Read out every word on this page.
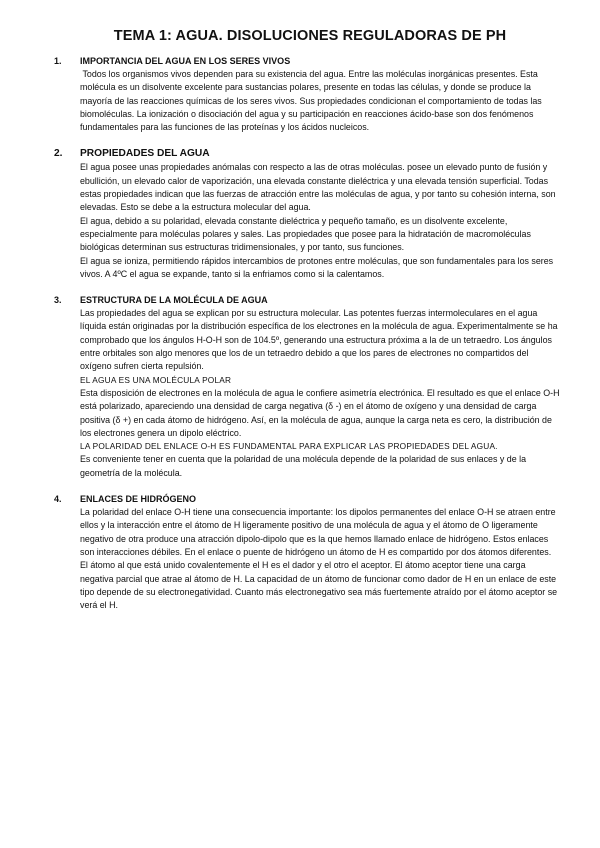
TEMA 1: AGUA. DISOLUCIONES REGULADORAS DE PH
1. IMPORTANCIA DEL AGUA EN LOS SERES VIVOS

Todos los organismos vivos dependen para su existencia del agua. Entre las moléculas inorgánicas presentes. Esta molécula es un disolvente excelente para sustancias polares, presente en todas las células, y donde se produce la mayoría de las reacciones químicas de los seres vivos. Sus propiedades condicionan el comportamiento de todas las biomoléculas. La ionización o disociación del agua y su participación en reacciones ácido-base son dos fenómenos fundamentales para las funciones de las proteínas y los ácidos nucleicos.

2. PROPIEDADES DEL AGUA

El agua posee unas propiedades anómalas con respecto a las de otras moléculas. posee un elevado punto de fusión y ebullición, un elevado calor de vaporización, una elevada constante dieléctrica y una elevada tensión superficial. Todas estas propiedades indican que las fuerzas de atracción entre las moléculas de agua, y por tanto su cohesión interna, son elevadas. Esto se debe a la estructura molecular del agua.

El agua, debido a su polaridad, elevada constante dieléctrica y pequeño tamaño, es un disolvente excelente, especialmente para moléculas polares y sales. Las propiedades que posee para la hidratación de macromoléculas biológicas determinan sus estructuras tridimensionales, y por tanto, sus funciones.

El agua se ioniza, permitiendo rápidos intercambios de protones entre moléculas, que son fundamentales para los seres vivos. A 4ºC el agua se expande, tanto si la enfriamos como si la calentamos.

3. ESTRUCTURA DE LA MOLÉCULA DE AGUA

Las propiedades del agua se explican por su estructura molecular. Las potentes fuerzas intermoleculares en el agua líquida están originadas por la distribución específica de los electrones en la molécula de agua. Experimentalmente se ha comprobado que los ángulos H-O-H son de 104.5º, generando una estructura próxima a la de un tetraedro. Los ángulos entre orbitales son algo menores que los de un tetraedro debido a que los pares de electrones no compartidos del oxígeno sufren cierta repulsión.

EL AGUA ES UNA MOLÉCULA POLAR

Esta disposición de electrones en la molécula de agua le confiere asimetría electrónica. El resultado es que el enlace O-H está polarizado, apareciendo una densidad de carga negativa (δ -) en el átomo de oxígeno y una densidad de carga positiva (δ +) en cada átomo de hidrógeno. Así, en la molécula de agua, aunque la carga neta es cero, la distribución de los electrones genera un dipolo eléctrico.

LA POLARIDAD DEL ENLACE O-H ES FUNDAMENTAL PARA EXPLICAR LAS PROPIEDADES DEL AGUA.

Es conveniente tener en cuenta que la polaridad de una molécula depende de la polaridad de sus enlaces y de la geometría de la molécula.

4. ENLACES DE HIDRÓGENO

La polaridad del enlace O-H tiene una consecuencia importante: los dipolos permanentes del enlace O-H se atraen entre ellos y la interacción entre el átomo de H ligeramente positivo de una molécula de agua y el átomo de O ligeramente negativo de otra produce una atracción dipolo-dipolo que es la que hemos llamado enlace de hidrógeno. Estos enlaces son interacciones débiles. En el enlace o puente de hidrógeno un átomo de H es compartido por dos átomos diferentes. El átomo al que está unido covalentemente el H es el dador y el otro el aceptor. El átomo aceptor tiene una carga negativa parcial que atrae al átomo de H. La capacidad de un átomo de funcionar como dador de H en un enlace de este tipo depende de su electronegatividad. Cuanto más electronegativo sea más fuertemente atraído por el átomo aceptor se verá el H.
